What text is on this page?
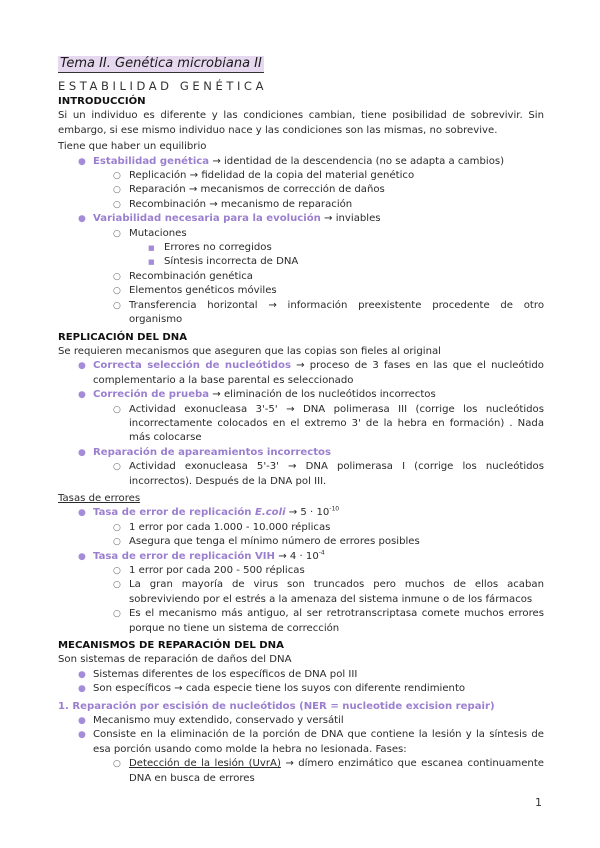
Tema II. Genética microbiana II
ESTABILIDAD GENÉTICA
INTRODUCCIÓN

Si un individuo es diferente y las condiciones cambian, tiene posibilidad de sobrevivir. Sin embargo, si ese mismo individuo nace y las condiciones son las mismas, no sobrevive.

Tiene que haber un equilibrio

● Estabilidad genética → identidad de la descendencia (no se adapta a cambios)
○ Replicación → fidelidad de la copia del material genético
○ Reparación → mecanismos de corrección de daños
○ Recombinación → mecanismo de reparación
● Variabilidad necesaria para la evolución → inviables
○ Mutaciones
■ Errores no corregidos
■ Síntesis incorrecta de DNA
○ Recombinación genética
○ Elementos genéticos móviles
○ Transferencia horizontal → información preexistente procedente de otro organismo
REPLICACIÓN DEL DNA

Se requieren mecanismos que aseguren que las copias son fieles al original

● Correcta selección de nucleótidos → proceso de 3 fases en las que el nucleótido complementario a la base parental es seleccionado
● Correción de prueba → eliminación de los nucleótidos incorrectos
○ Actividad exonucleasa 3'-5' → DNA polimerasa III (corrige los nucleótidos incorrectamente colocados en el extremo 3' de la hebra en formación) . Nada más colocarse
● Reparación de apareamientos incorrectos
○ Actividad exonucleasa 5'-3' → DNA polimerasa I (corrige los nucleótidos incorrectos). Después de la DNA pol III.

Tasas de errores

● Tasa de error de replicación E.coli → $5 \cdot 10^{-10}$
○ 1 error por cada 1.000 - 10.000 réplicas
○ Asegura que tenga el mínimo número de errores posibles
● Tasa de error de replicación VIH → $4 \cdot 10^{-4}$
○ 1 error por cada 200 - 500 réplicas
○ La gran mayoría de virus son truncados pero muchos de ellos acaban sobreviviendo por el estrés a la amenaza del sistema inmune o de los fármacos
○ Es el mecanismo más antiguo, al ser retrotranscriptasa comete muchos errores porque no tiene un sistema de corrección
MECANISMOS DE REPARACIÓN DEL DNA

Son sistemas de reparación de daños del DNA

● Sistemas diferentes de los específicos de DNA pol III
● Son específicos → cada especie tiene los suyos con diferente rendimiento

1. Reparación por escisión de nucleótidos (NER = nucleotide excision repair)

● Mecanismo muy extendido, conservado y versátil
● Consiste en la eliminación de la porción de DNA que contiene la lesión y la síntesis de esa porción usando como molde la hebra no lesionada. Fases:
○ Detección de la lesión (UvrA) → dímero enzimático que escanea continuamente DNA en busca de errores
1
